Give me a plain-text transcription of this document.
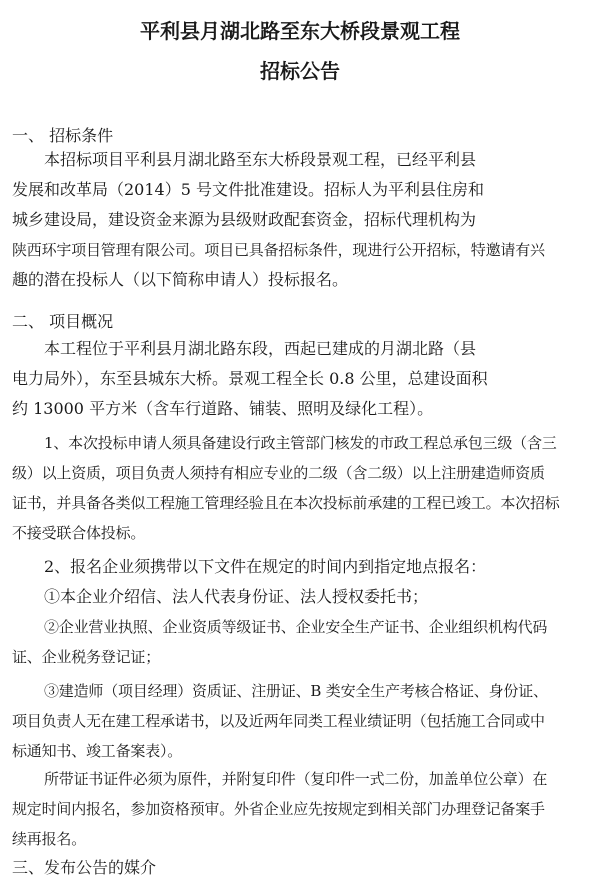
平利县月湖北路至东大桥段景观工程
招标公告

一、 招标条件

本招标项目平利县月湖北路至东大桥段景观工程，已经平利县
发展和改革局（2014）5 号文件批准建设。招标人为平利县住房和
城乡建设局，建设资金来源为县级财政配套资金，招标代理机构为
陕西环宇项目管理有限公司。项目已具备招标条件，现进行公开招标，特邀请有兴
趣的潜在投标人（以下简称申请人）投标报名。

二、 项目概况

本工程位于平利县月湖北路东段，西起已建成的月湖北路（县
电力局外），东至县城东大桥。景观工程全长 0.8 公里，总建设面积
约 13000 平方米（含车行道路、铺装、照明及绿化工程）。

1、本次投标申请人须具备建设行政主管部门核发的市政工程总承包三级（含三
级）以上资质，项目负责人须持有相应专业的二级（含二级）以上注册建造师资质
证书，并具备各类似工程施工管理经验且在本次投标前承建的工程已竣工。本次招标
不接受联合体投标。

2、报名企业须携带以下文件在规定的时间内到指定地点报名：

①本企业介绍信、法人代表身份证、法人授权委托书；

②企业营业执照、企业资质等级证书、企业安全生产证书、企业组织机构代码
证、企业税务登记证；

③建造师（项目经理）资质证、注册证、B 类安全生产考核合格证、身份证、
项目负责人无在建工程承诺书，以及近两年同类工程业绩证明（包括施工合同或中
标通知书、竣工备案表）。

所带证书证件必须为原件，并附复印件（复印件一式二份，加盖单位公章）在
规定时间内报名，参加资格预审。外省企业应先按规定到相关部门办理登记备案手
续再报名。

三、发布公告的媒介
